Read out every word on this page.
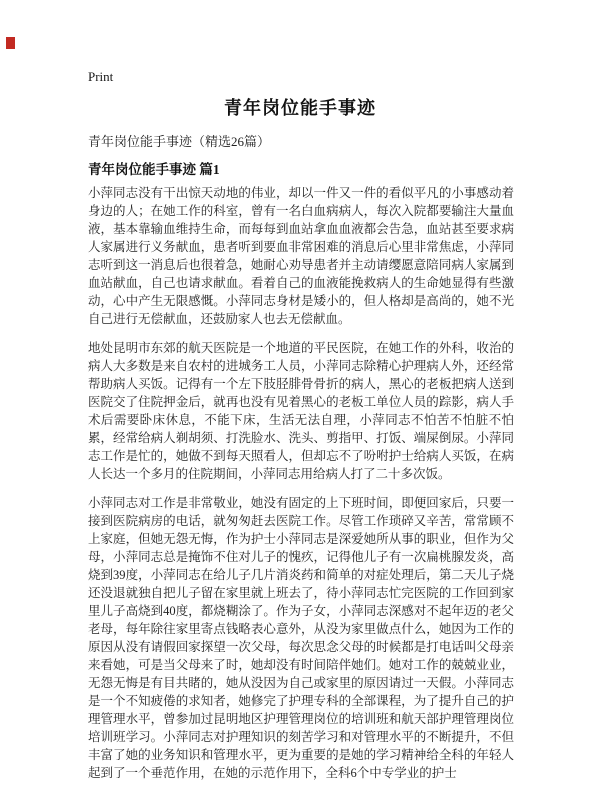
Print
青年岗位能手事迹
青年岗位能手事迹（精选26篇）
青年岗位能手事迹 篇1

小萍同志没有干出惊天动地的伟业，却以一件又一件的看似平凡的小事感动着身边的人；在她工作的科室，曾有一名白血病病人，每次入院都要输注大量血液，基本靠输血维持生命，而每每到血站拿血血液都会告急，血站甚至要求病人家属进行义务献血，患者听到要血非常困难的消息后心里非常焦虑，小萍同志听到这一消息后也很着急，她耐心劝导患者并主动请缨愿意陪同病人家属到血站献血，自己也请求献血。看着自己的血液能挽救病人的生命她显得有些激动，心中产生无限感慨。小萍同志身材是矮小的，但人格却是高尚的，她不光自己进行无偿献血，还鼓励家人也去无偿献血。

地处昆明市东郊的航天医院是一个地道的平民医院，在她工作的外科，收治的病人大多数是来自农村的进城务工人员，小萍同志除精心护理病人外，还经常帮助病人买饭。记得有一个左下肢胫腓骨骨折的病人，黑心的老板把病人送到医院交了住院押金后，就再也没有见着黑心的老板工单位人员的踪影，病人手术后需要卧床休息，不能下床，生活无法自理，小萍同志不怕苦不怕脏不怕累，经常给病人剃胡须、打洗脸水、洗头、剪指甲、打饭、端屎倒尿。小萍同志工作是忙的，她做不到每天照看人，但却忘不了吩咐护士给病人买饭，在病人长达一个多月的住院期间，小萍同志用给病人打了二十多次饭。

小萍同志对工作是非常敬业，她没有固定的上下班时间，即便回家后，只要一接到医院病房的电话，就匆匆赶去医院工作。尽管工作琐碎又辛苦，常常顾不上家庭，但她无怨无悔，作为护士小萍同志是深爱她所从事的职业，但作为父母，小萍同志总是掩饰不住对儿子的愧疚，记得他儿子有一次扁桃腺发炎，高烧到39度，小萍同志在给儿子几片消炎药和简单的对症处理后，第二天儿子烧还没退就独自把儿子留在家里就上班去了，待小萍同志忙完医院的工作回到家里儿子高烧到40度，都烧糊涂了。作为子女，小萍同志深感对不起年迈的老父老母，每年除往家里寄点钱略表心意外，从没为家里做点什么，她因为工作的原因从没有请假回家探望一次父母，每次思念父母的时候都是打电话叫父母亲来看她，可是当父母来了时，她却没有时间陪伴她们。她对工作的兢兢业业，无怨无悔是有目共睹的，她从没因为自己或家里的原因请过一天假。小萍同志是一个不知疲倦的求知者，她修完了护理专科的全部课程，为了提升自己的护理管理水平，曾参加过昆明地区护理管理岗位的培训班和航天部护理管理岗位培训班学习。小萍同志对护理知识的刻苦学习和对管理水平的不断提升，不但丰富了她的业务知识和管理水平，更为重要的是她的学习精神给全科的年轻人起到了一个垂范作用，在她的示范作用下，全科6个中专学业的护士
